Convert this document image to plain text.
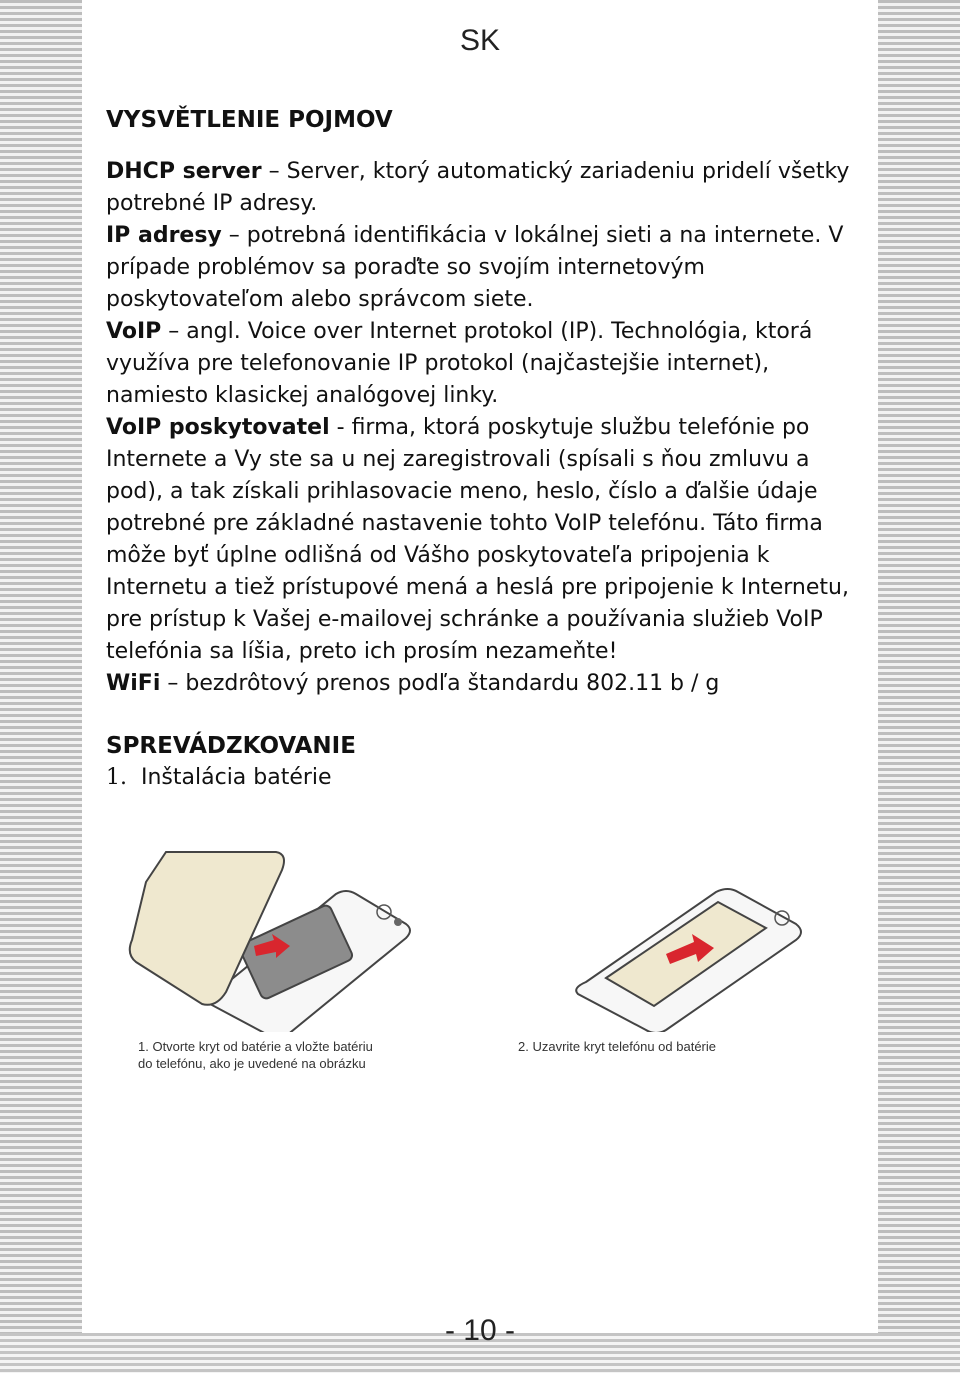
SK
VYSVĚTLENIE POJMOV

DHCP server – Server, ktorý automatický zariadeniu pridelí všetky potrebné IP adresy.

IP adresy – potrebná identifikácia v lokálnej sieti a na internete. V prípade problémov sa poraďte so svojím internetovým poskytovateľom alebo správcom siete.

VoIP – angl. Voice over Internet protokol (IP). Technológia, ktorá využíva pre telefonovanie IP protokol (najčastejšie internet), namiesto klasickej analógovej linky.

VoIP poskytovatel - firma, ktorá poskytuje službu telefónie po Internete a Vy ste sa u nej zaregistrovali (spísali s ňou zmluvu a pod), a tak získali prihlasovacie meno, heslo, číslo a ďalšie údaje potrebné pre základné nastavenie tohto VoIP telefónu. Táto firma môže byť úplne odlišná od Vášho poskytovateľa pripojenia k Internetu a tiež prístupové mená a heslá pre pripojenie k Internetu, pre prístup k Vašej e-mailovej schránke a používania služieb VoIP telefónia sa líšia, preto ich prosím nezameňte!

WiFi – bezdrôtový prenos podľa štandardu 802.11 b / g

SPREVÁDZKOVANIE

1. Inštalácia batérie

1. Otvorte kryt od batérie a vložte batériu
do telefónu, ako je uvedené na obrázku
2. Uzavrite kryt telefónu od batérie
- 10 -
